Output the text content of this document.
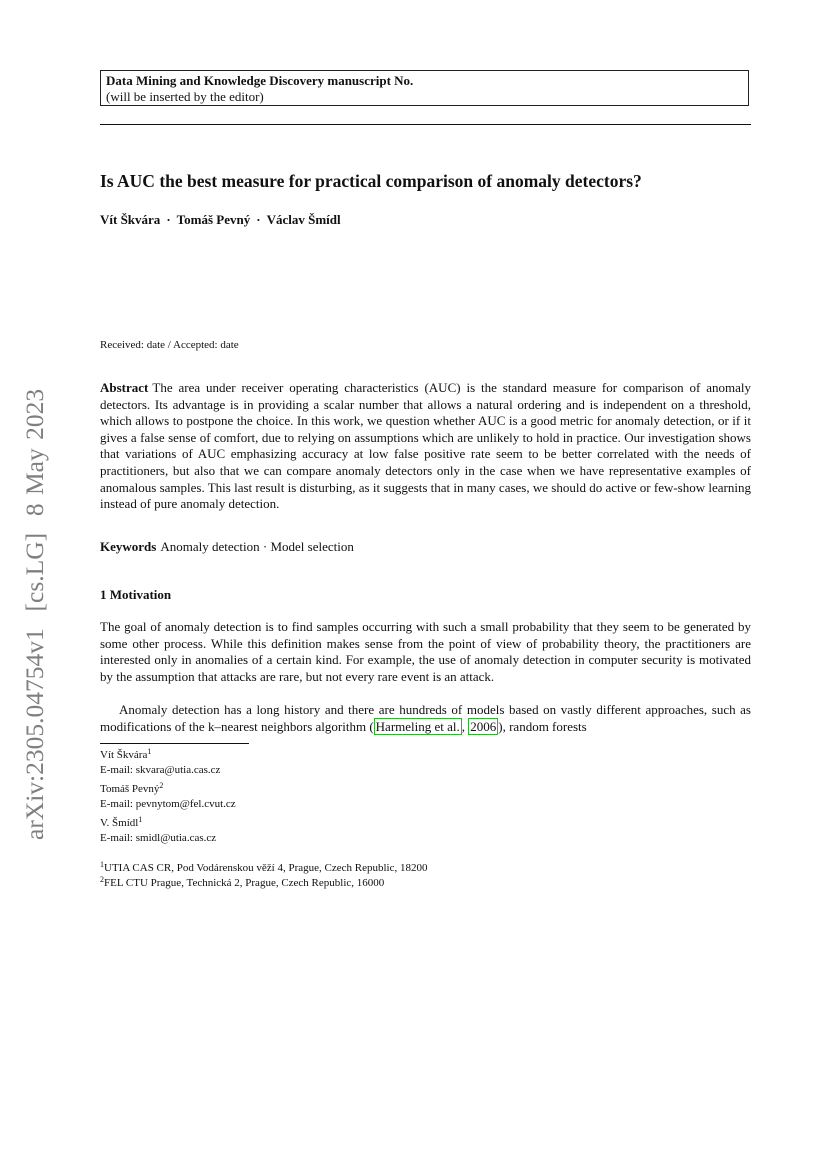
Data Mining and Knowledge Discovery manuscript No.
(will be inserted by the editor)
Is AUC the best measure for practical comparison of anomaly detectors?
Vít Škvára · Tomáš Pevný · Václav Šmídl
Received: date / Accepted: date

Abstract The area under receiver operating characteristics (AUC) is the standard measure for comparison of anomaly detectors. Its advantage is in providing a scalar number that allows a natural ordering and is independent on a threshold, which allows to postpone the choice. In this work, we question whether AUC is a good metric for anomaly detection, or if it gives a false sense of comfort, due to relying on assumptions which are unlikely to hold in practice. Our investigation shows that variations of AUC emphasizing accuracy at low false positive rate seem to be better correlated with the needs of practitioners, but also that we can compare anomaly detectors only in the case when we have representative examples of anomalous samples. This last result is disturbing, as it suggests that in many cases, we should do active or few-show learning instead of pure anomaly detection.

Keywords Anomaly detection · Model selection
1 Motivation

The goal of anomaly detection is to find samples occurring with such a small probability that they seem to be generated by some other process. While this definition makes sense from the point of view of probability theory, the practitioners are interested only in anomalies of a certain kind. For example, the use of anomaly detection in computer security is motivated by the assumption that attacks are rare, but not every rare event is an attack.

Anomaly detection has a long history and there are hundreds of models based on vastly different approaches, such as modifications of the k–nearest neighbors algorithm ( Harmeling et al. , 2006 ), random forests

Vít Škvára$^1$
E-mail: skvara@utia.cas.cz
Tomáš Pevný$^2$
E-mail: pevnytom@fel.cvut.cz
V. Šmídl$^1$
E-mail: smidl@utia.cas.cz
$^1$UTIA CAS CR, Pod Vodárenskou věží 4, Prague, Czech Republic, 18200
$^2$FEL CTU Prague, Technická 2, Prague, Czech Republic, 16000
arXiv:2305.04754v1  [cs.LG]  8 May 2023
